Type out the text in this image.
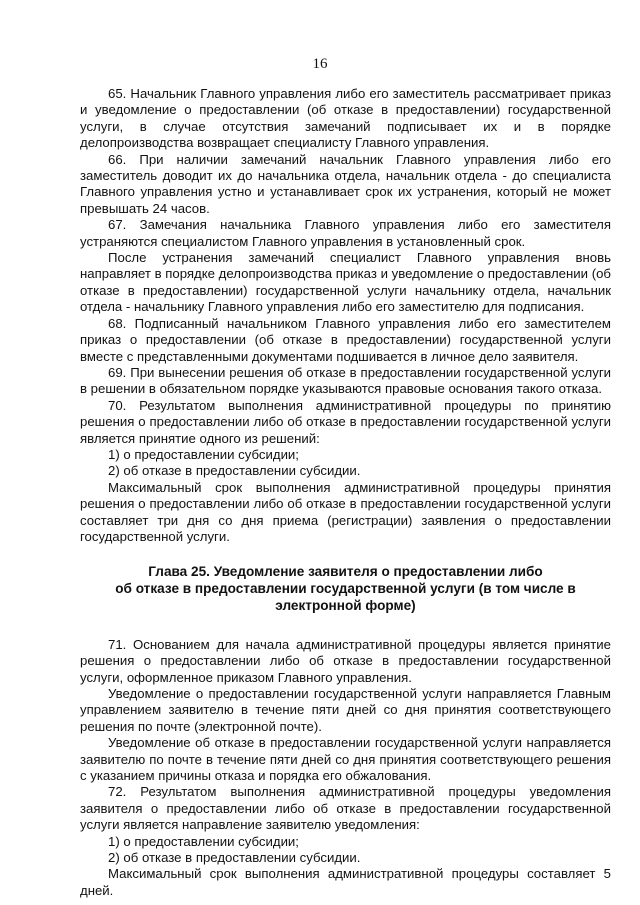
16

65. Начальник Главного управления либо его заместитель рассматривает приказ и уведомление о предоставлении (об отказе в предоставлении) государственной услуги, в случае отсутствия замечаний подписывает их и в порядке делопроизводства возвращает специалисту Главного управления.

66. При наличии замечаний начальник Главного управления либо его заместитель доводит их до начальника отдела, начальник отдела - до специалиста Главного управления устно и устанавливает срок их устранения, который не может превышать 24 часов.

67. Замечания начальника Главного управления либо его заместителя устраняются специалистом Главного управления в установленный срок.

После устранения замечаний специалист Главного управления вновь направляет в порядке делопроизводства приказ и уведомление о предоставлении (об отказе в предоставлении) государственной услуги начальнику отдела, начальник отдела - начальнику Главного управления либо его заместителю для подписания.

68. Подписанный начальником Главного управления либо его заместителем приказ о предоставлении (об отказе в предоставлении) государственной услуги вместе с представленными документами подшивается в личное дело заявителя.

69. При вынесении решения об отказе в предоставлении государственной услуги в решении в обязательном порядке указываются правовые основания такого отказа.

70. Результатом выполнения административной процедуры по принятию решения о предоставлении либо об отказе в предоставлении государственной услуги является принятие одного из решений:

1) о предоставлении субсидии;

2) об отказе в предоставлении субсидии.

Максимальный срок выполнения административной процедуры принятия решения о предоставлении либо об отказе в предоставлении государственной услуги составляет три дня со дня приема (регистрации) заявления о предоставлении государственной услуги.

Глава 25. Уведомление заявителя о предоставлении либо
об отказе в предоставлении государственной услуги (в том числе в электронной форме)

71. Основанием для начала административной процедуры является принятие решения о предоставлении либо об отказе в предоставлении государственной услуги, оформленное приказом Главного управления.

Уведомление о предоставлении государственной услуги направляется Главным управлением заявителю в течение пяти дней со дня принятия соответствующего решения по почте (электронной почте).

Уведомление об отказе в предоставлении государственной услуги направляется заявителю по почте в течение пяти дней со дня принятия соответствующего решения с указанием причины отказа и порядка его обжалования.

72. Результатом выполнения административной процедуры уведомления заявителя о предоставлении либо об отказе в предоставлении государственной услуги является направление заявителю уведомления:

1) о предоставлении субсидии;

2) об отказе в предоставлении субсидии.

Максимальный срок выполнения административной процедуры составляет 5 дней.
